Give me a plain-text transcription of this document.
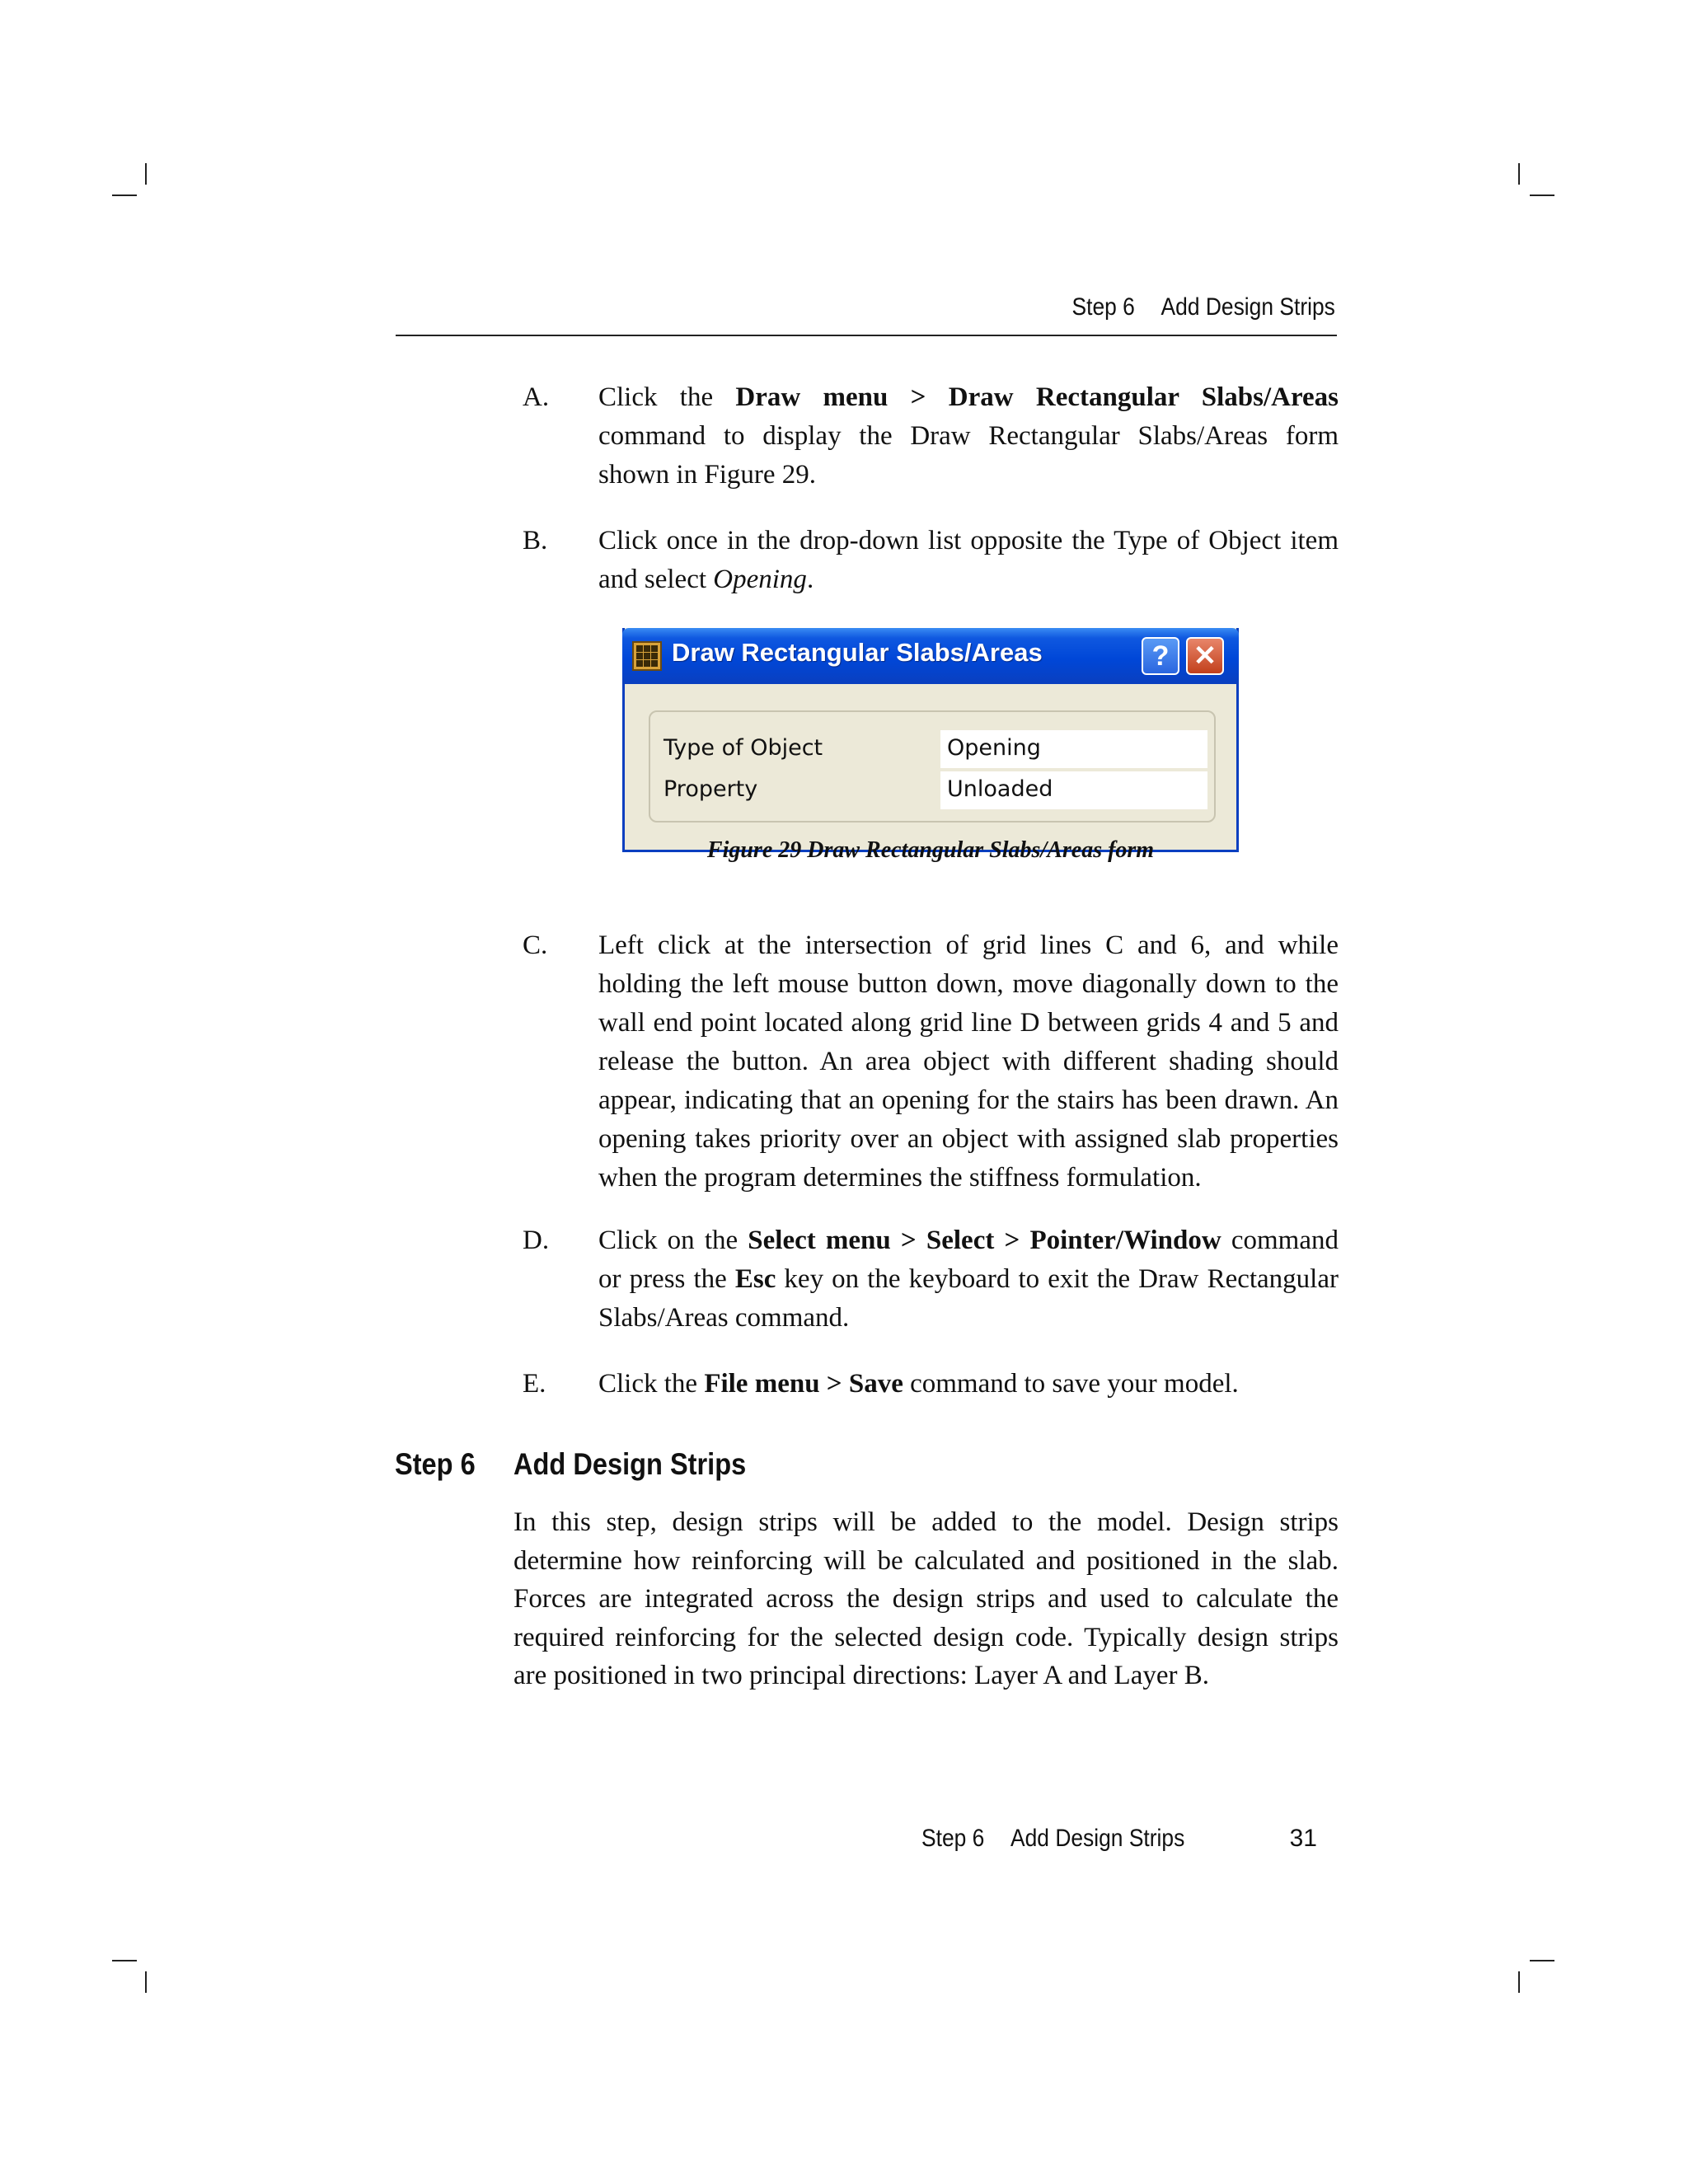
Step 6 Add Design Strips
A. Click the Draw menu > Draw Rectangular Slabs/Areas command to display the Draw Rectangular Slabs/Areas form shown in Figure 29.
B. Click once in the drop-down list opposite the Type of Object item and select Opening.
Draw Rectangular Slabs/Areas	? ✕
Type of Object	Opening
Property	Unloaded
Figure 29 Draw Rectangular Slabs/Areas form
C. Left click at the intersection of grid lines C and 6, and while holding the left mouse button down, move diagonally down to the wall end point located along grid line D between grids 4 and 5 and release the button. An area object with different shading should appear, indicating that an opening for the stairs has been drawn. An opening takes priority over an object with assigned slab properties when the program determines the stiffness formulation.
D. Click on the Select menu > Select > Pointer/Window command or press the Esc key on the keyboard to exit the Draw Rectangular Slabs/Areas command.
E. Click the File menu > Save command to save your model.
Step 6 Add Design Strips
In this step, design strips will be added to the model. Design strips determine how reinforcing will be calculated and positioned in the slab. Forces are integrated across the design strips and used to calculate the required reinforcing for the selected design code. Typically design strips are positioned in two principal directions: Layer A and Layer B.
Step 6 Add Design Strips	31
